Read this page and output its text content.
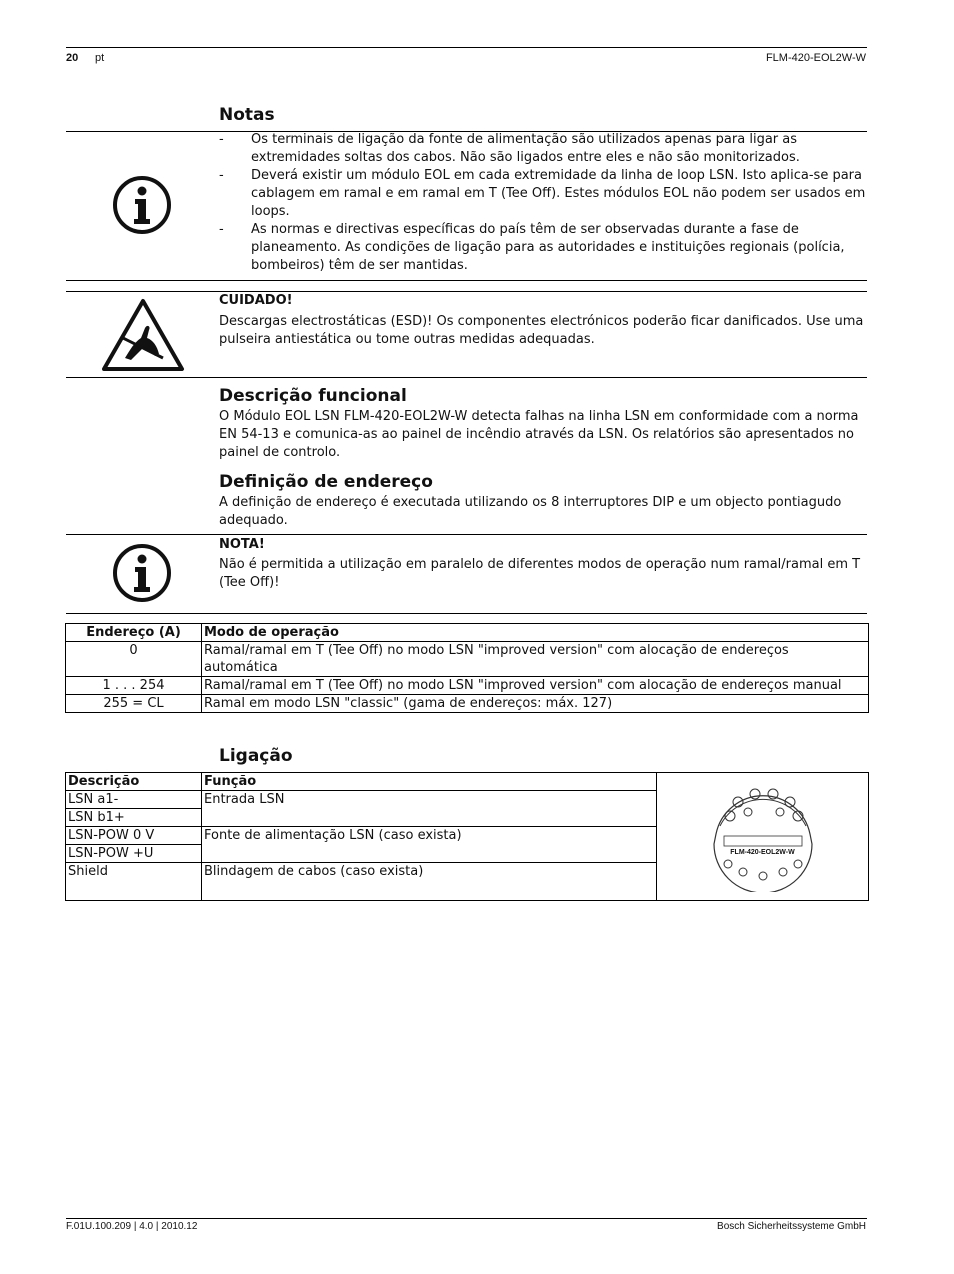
20 pt	FLM-420-EOL2W-W
Notas
- Os terminais de ligação da fonte de alimentação são utilizados apenas para ligar as extremidades soltas dos cabos. Não são ligados entre eles e não são monitorizados.
- Deverá existir um módulo EOL em cada extremidade da linha de loop LSN. Isto aplica-se para cablagem em ramal e em ramal em T (Tee Off). Estes módulos EOL não podem ser usados em loops.
- As normas e directivas específicas do país têm de ser observadas durante a fase de planeamento. As condições de ligação para as autoridades e instituições regionais (polícia, bombeiros) têm de ser mantidas.
CUIDADO!
Descargas electrostáticas (ESD)! Os componentes electrónicos poderão ficar danificados. Use uma pulseira antiestática ou tome outras medidas adequadas.
Descrição funcional
O Módulo EOL LSN FLM-420-EOL2W-W detecta falhas na linha LSN em conformidade com a norma EN 54-13 e comunica-as ao painel de incêndio através da LSN. Os relatórios são apresentados no painel de controlo.
Definição de endereço
A definição de endereço é executada utilizando os 8 interruptores DIP e um objecto pontiagudo adequado.
NOTA!
Não é permitida a utilização em paralelo de diferentes modos de operação num ramal/ramal em T (Tee Off)!
Endereço (A)	Modo de operação
0	Ramal/ramal em T (Tee Off) no modo LSN "improved version" com alocação de endereços automática
1 . . . 254	Ramal/ramal em T (Tee Off) no modo LSN "improved version" com alocação de endereços manual
255 = CL	Ramal em modo LSN "classic" (gama de endereços: máx. 127)
Ligação
Descrição	Função	FLM-420-EOL2W-W

LSN a1-	Entrada LSN	
LSN b1+		
LSN-POW 0 V	Fonte de alimentação LSN (caso exista)	
LSN-POW +U		
Shield	Blindagem de cabos (caso exista)	
F.01U.100.209 | 4.0 | 2010.12	Bosch Sicherheitssysteme GmbH
